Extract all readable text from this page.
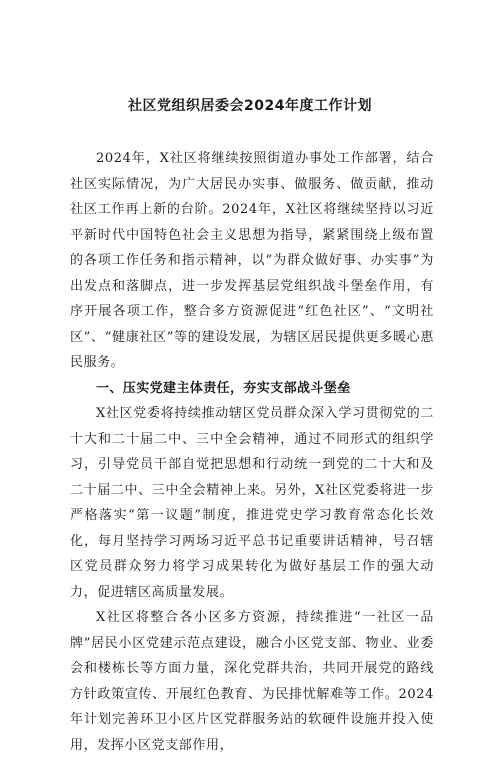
社区党组织居委会2024年度工作计划

2024年，X社区将继续按照街道办事处工作部署，结合社区实际情况，为广大居民办实事、做服务、做贡献，推动社区工作再上新的台阶。2024年，X社区将继续坚持以习近平新时代中国特色社会主义思想为指导，紧紧围绕上级布置的各项工作任务和指示精神，以“为群众做好事、办实事”为出发点和落脚点，进一步发挥基层党组织战斗堡垒作用，有序开展各项工作，整合多方资源促进“红色社区”、“文明社区”、“健康社区”等的建设发展，为辖区居民提供更多暖心惠民服务。

一、压实党建主体责任，夯实支部战斗堡垒

X社区党委将持续推动辖区党员群众深入学习贯彻党的二十大和二十届二中、三中全会精神，通过不同形式的组织学习，引导党员干部自觉把思想和行动统一到党的二十大和及二十届二中、三中全会精神上来。另外，X社区党委将进一步严格落实“第一议题”制度，推进党史学习教育常态化长效化，每月坚持学习两场习近平总书记重要讲话精神，号召辖区党员群众努力将学习成果转化为做好基层工作的强大动力，促进辖区高质量发展。

X社区将整合各小区多方资源，持续推进“一社区一品牌”居民小区党建示范点建设，融合小区党支部、物业、业委会和楼栋长等方面力量，深化党群共治，共同开展党的路线方针政策宣传、开展红色教育、为民排忧解难等工作。2024年计划完善环卫小区片区党群服务站的软硬件设施并投入使用，发挥小区党支部作用，
